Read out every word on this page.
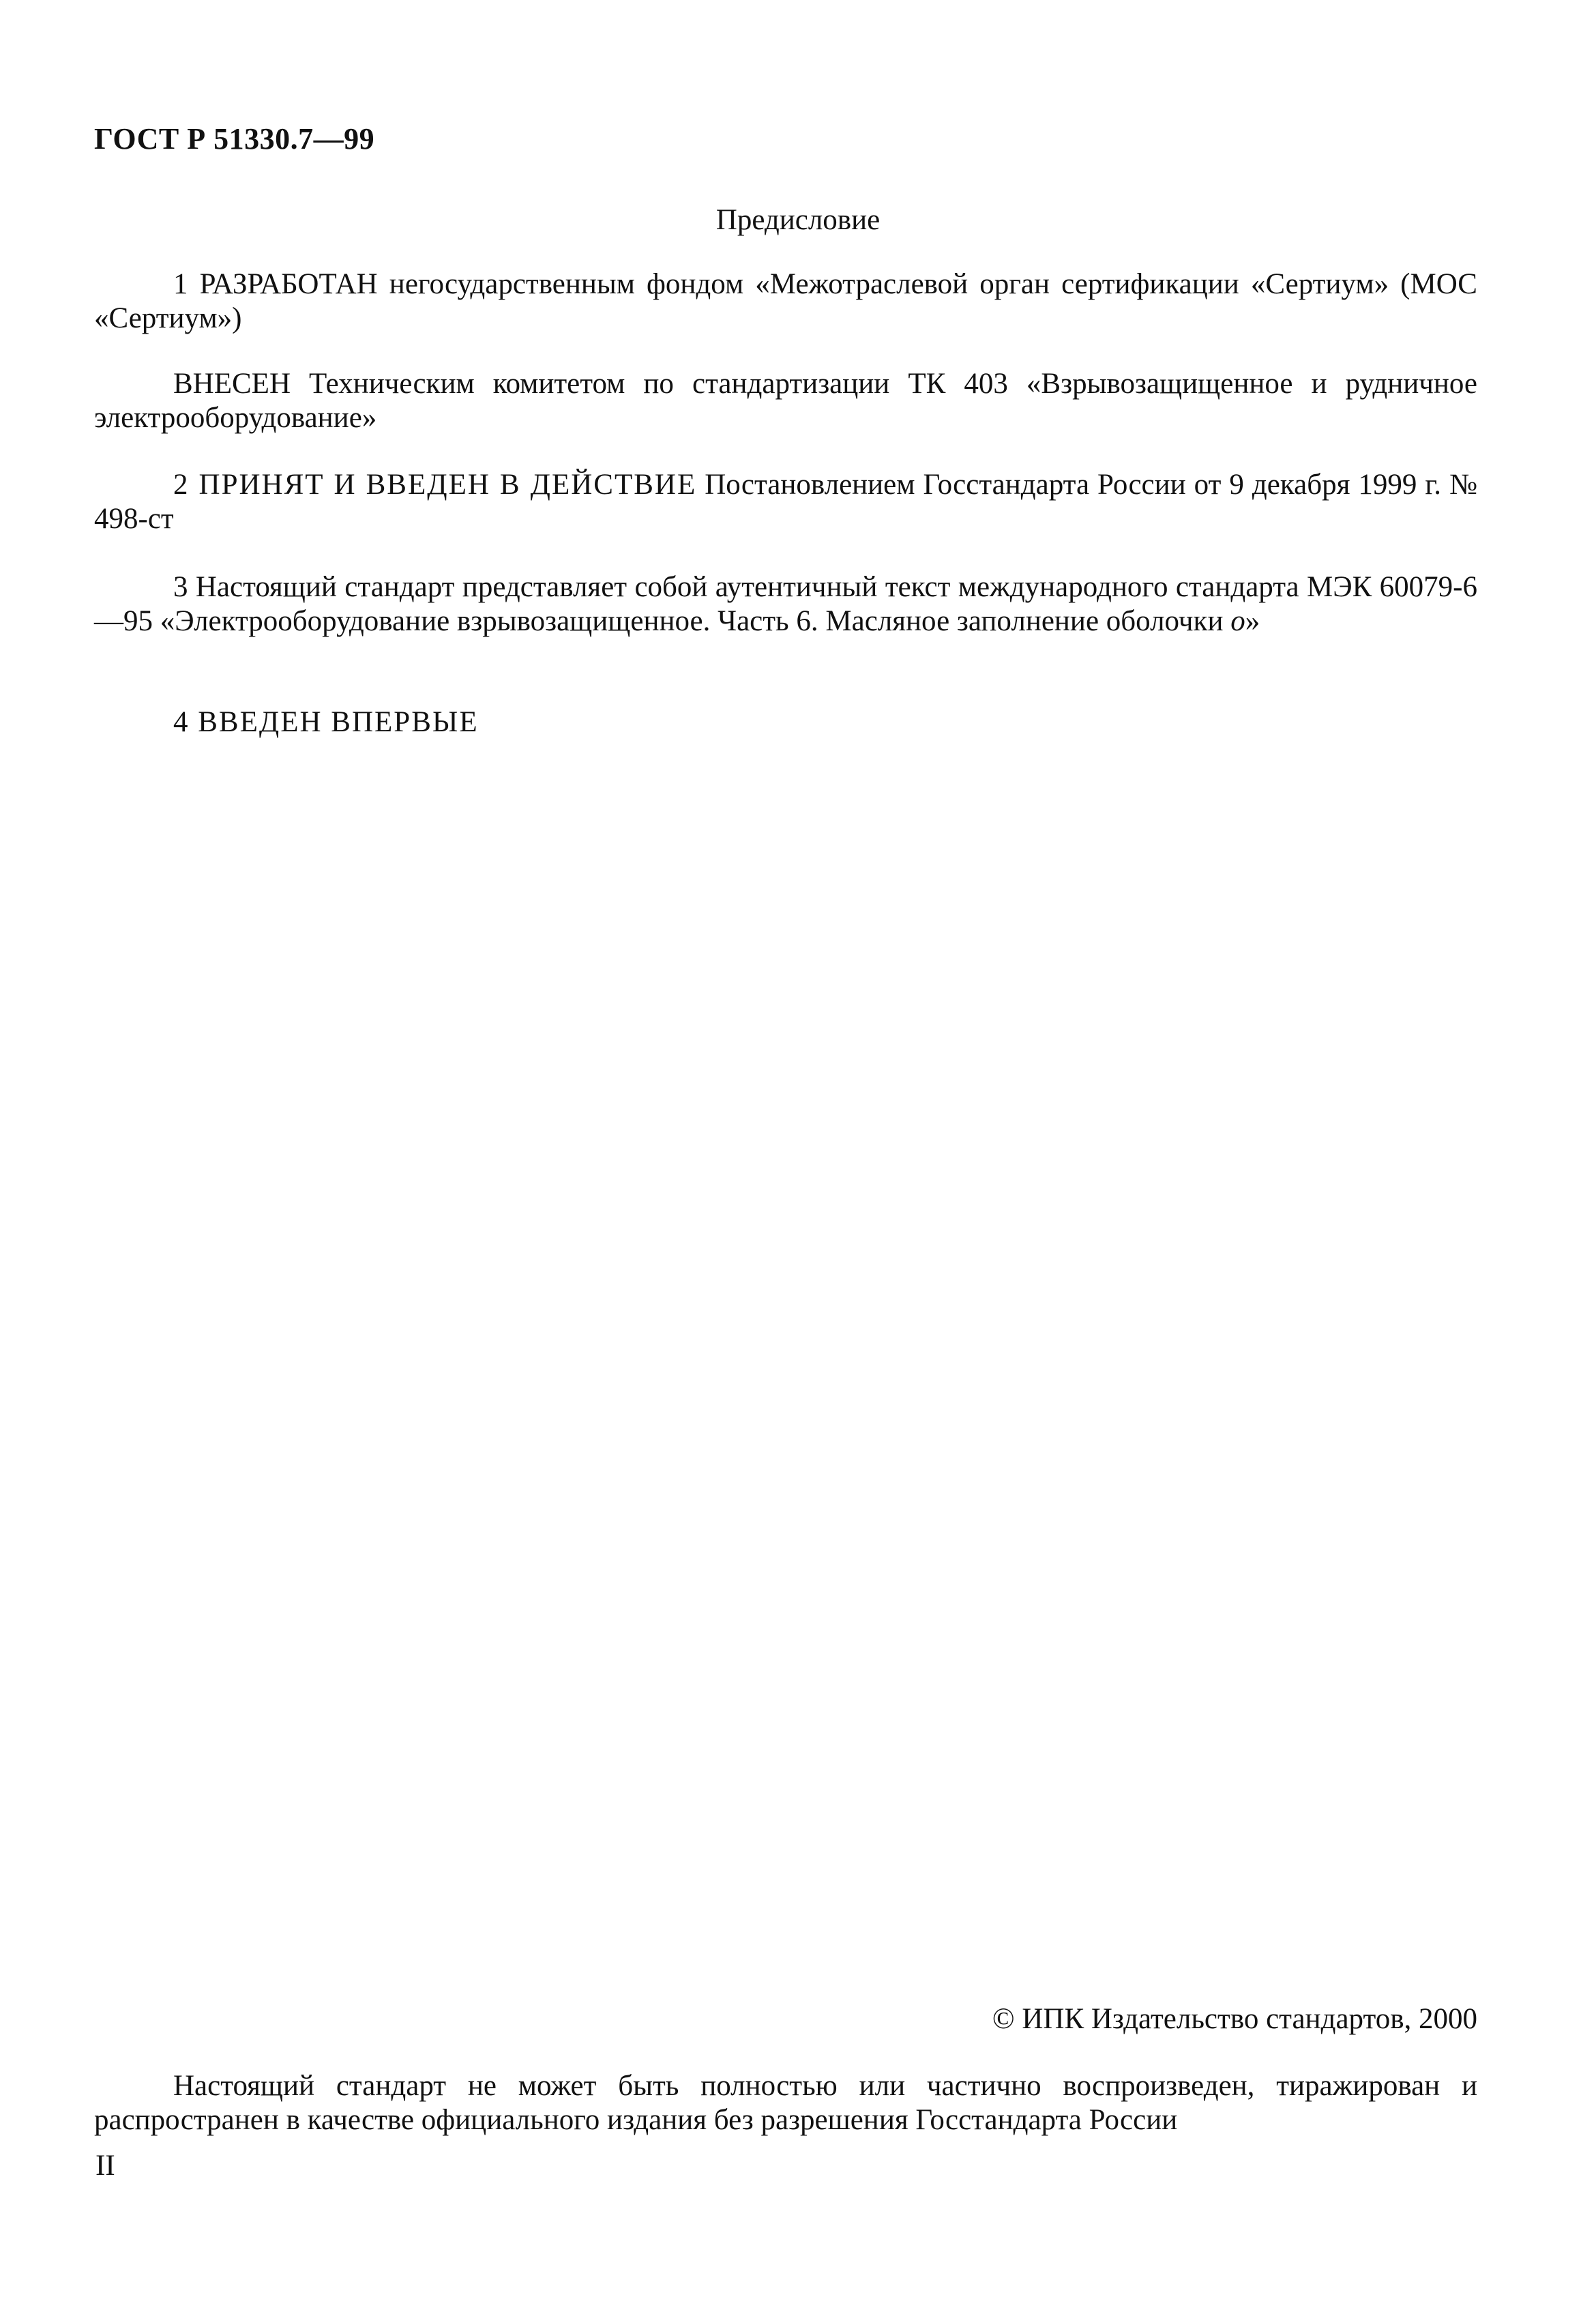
ГОСТ Р 51330.7—99
Предисловие
1 РАЗРАБОТАН негосударственным фондом «Межотраслевой орган сертификации «Сертиум» (МОС «Сертиум»)
ВНЕСЕН Техническим комитетом по стандартизации ТК 403 «Взрывозащищенное и рудничное электрооборудование»
2 ПРИНЯТ И ВВЕДЕН В ДЕЙСТВИЕ Постановлением Госстандарта России от 9 декабря 1999 г. № 498-ст
3 Настоящий стандарт представляет собой аутентичный текст международного стандарта МЭК 60079-6—95 «Электрооборудование взрывозащищенное. Часть 6. Масляное заполнение оболочки о»
4 ВВЕДЕН ВПЕРВЫЕ
© ИПК Издательство стандартов, 2000
Настоящий стандарт не может быть полностью или частично воспроизведен, тиражирован и распространен в качестве официального издания без разрешения Госстандарта России
II
